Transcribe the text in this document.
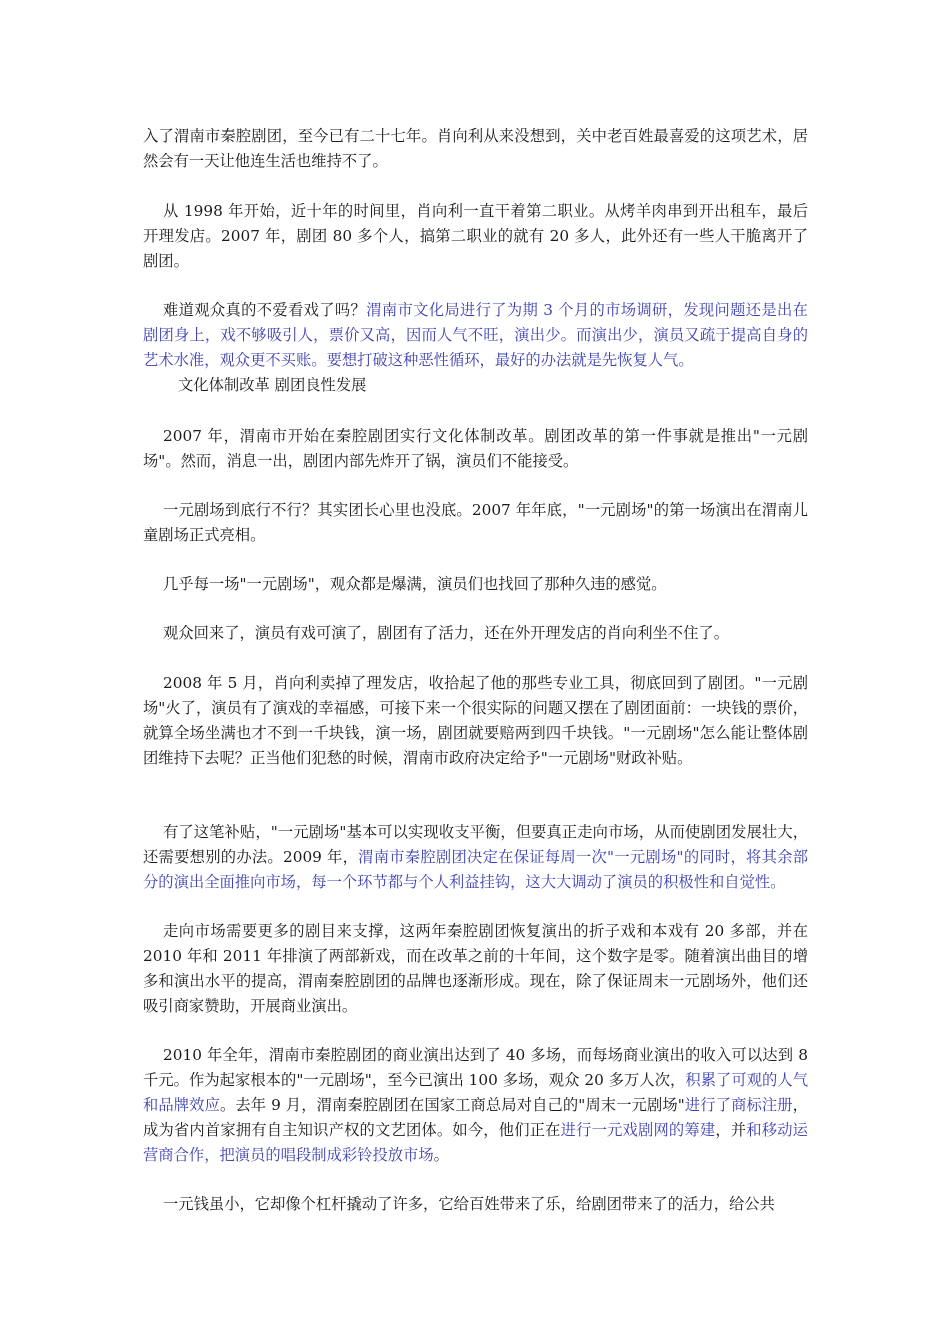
入了渭南市秦腔剧团，至今已有二十七年。肖向利从来没想到，关中老百姓最喜爱的这项艺术，居然会有一天让他连生活也维持不了。

从 1998 年开始，近十年的时间里，肖向利一直干着第二职业。从烤羊肉串到开出租车，最后开理发店。2007 年，剧团 80 多个人，搞第二职业的就有 20 多人，此外还有一些人干脆离开了剧团。

难道观众真的不爱看戏了吗？渭南市文化局进行了为期 3 个月的市场调研，发现问题还是出在剧团身上，戏不够吸引人，票价又高，因而人气不旺，演出少。而演出少，演员又疏于提高自身的艺术水准，观众更不买账。要想打破这种恶性循环，最好的办法就是先恢复人气。

文化体制改革 剧团良性发展

2007 年，渭南市开始在秦腔剧团实行文化体制改革。剧团改革的第一件事就是推出"一元剧场"。然而，消息一出，剧团内部先炸开了锅，演员们不能接受。

一元剧场到底行不行？其实团长心里也没底。2007 年年底，"一元剧场"的第一场演出在渭南儿童剧场正式亮相。

几乎每一场"一元剧场"，观众都是爆满，演员们也找回了那种久违的感觉。

观众回来了，演员有戏可演了，剧团有了活力，还在外开理发店的肖向利坐不住了。

2008 年 5 月，肖向利卖掉了理发店，收拾起了他的那些专业工具，彻底回到了剧团。"一元剧场"火了，演员有了演戏的幸福感，可接下来一个很实际的问题又摆在了剧团面前：一块钱的票价，就算全场坐满也才不到一千块钱，演一场，剧团就要赔两到四千块钱。"一元剧场"怎么能让整体剧团维持下去呢？正当他们犯愁的时候，渭南市政府决定给予"一元剧场"财政补贴。

有了这笔补贴，"一元剧场"基本可以实现收支平衡，但要真正走向市场，从而使剧团发展壮大，还需要想别的办法。2009 年，渭南市秦腔剧团决定在保证每周一次"一元剧场"的同时，将其余部分的演出全面推向市场，每一个环节都与个人利益挂钩，这大大调动了演员的积极性和自觉性。

走向市场需要更多的剧目来支撑，这两年秦腔剧团恢复演出的折子戏和本戏有 20 多部，并在 2010 年和 2011 年排演了两部新戏，而在改革之前的十年间，这个数字是零。随着演出曲目的增多和演出水平的提高，渭南秦腔剧团的品牌也逐渐形成。现在，除了保证周末一元剧场外，他们还吸引商家赞助，开展商业演出。

2010 年全年，渭南市秦腔剧团的商业演出达到了 40 多场，而每场商业演出的收入可以达到 8 千元。作为起家根本的"一元剧场"，至今已演出 100 多场，观众 20 多万人次，积累了可观的人气和品牌效应。去年 9 月，渭南秦腔剧团在国家工商总局对自己的"周末一元剧场"进行了商标注册，成为省内首家拥有自主知识产权的文艺团体。如今，他们正在进行一元戏剧网的筹建，并和移动运营商合作，把演员的唱段制成彩铃投放市场。

一元钱虽小，它却像个杠杆撬动了许多，它给百姓带来了乐，给剧团带来了的活力，给公共
